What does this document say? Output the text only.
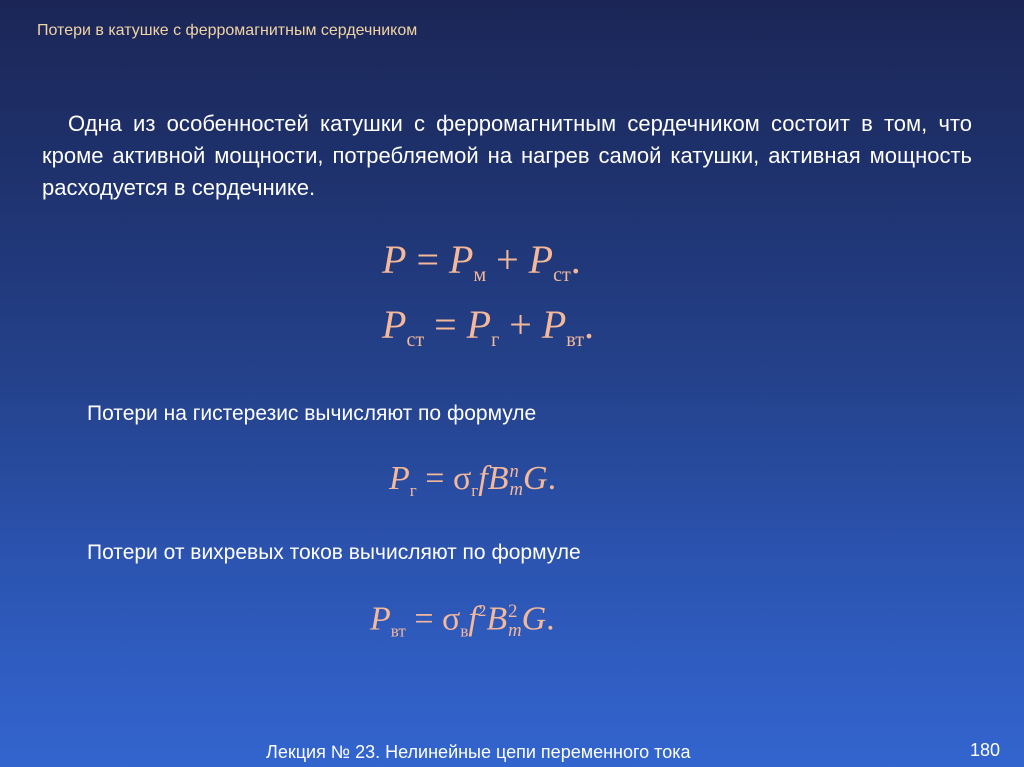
Потери в катушке с ферромагнитным сердечником
Одна из особенностей катушки с ферромагнитным сердечником состоит в том, что кроме активной мощности, потребляемой на нагрев самой катушки, активная мощность расходуется в сердечнике.
$P = P_м + P_{ст}$.
$P_{ст} = P_г + P_{вт}$.
Потери на гистерезис вычисляют по формуле
$P_г = \sigma_гfB$ n
m G.
Потери от вихревых токов вычисляют по формуле
$P_{вт} = \sigma_вf^2B$ 2
m G.
Лекция № 23. Нелинейные цепи переменного тока	180
